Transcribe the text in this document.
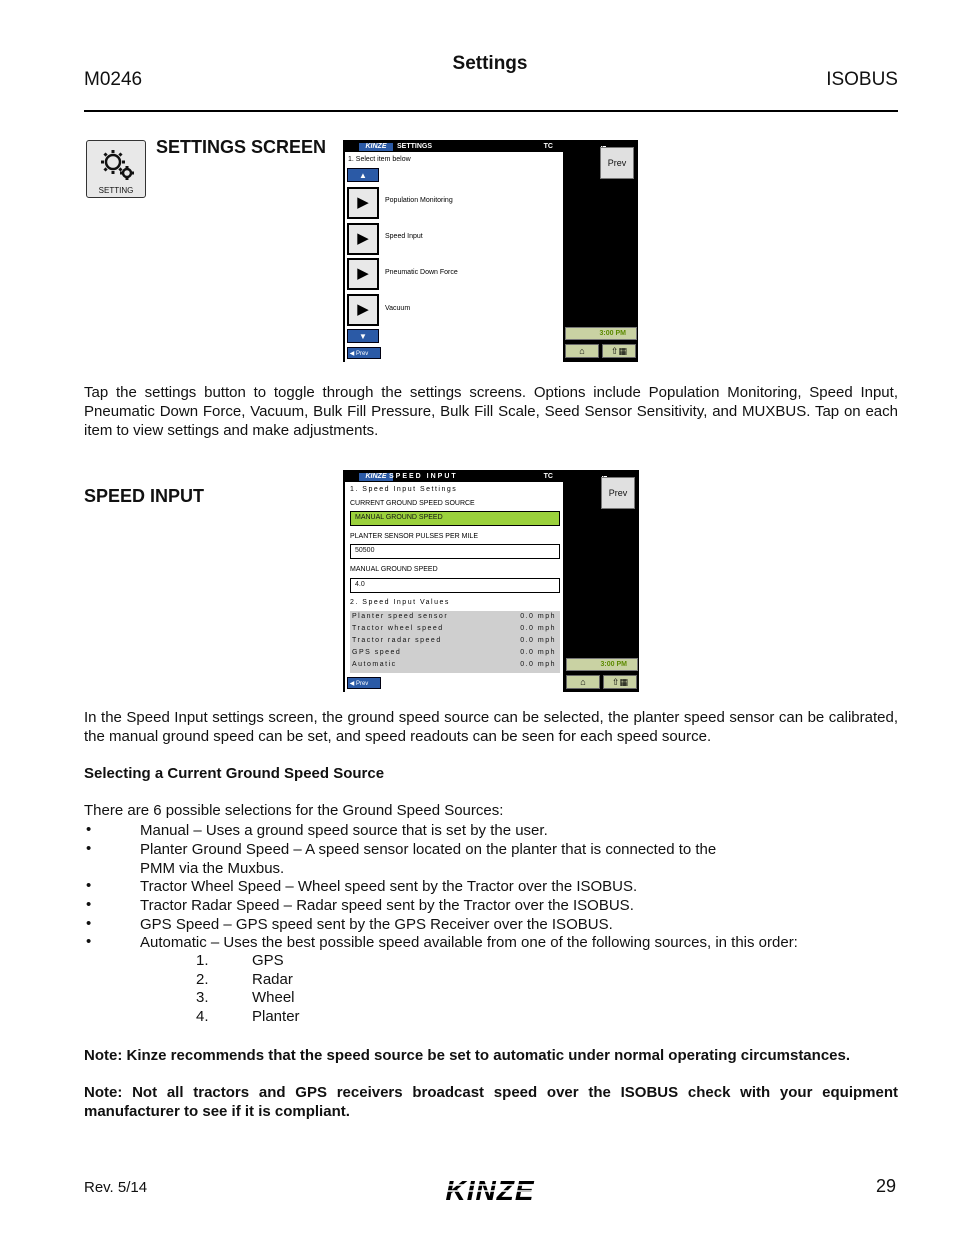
M0246
Settings
ISOBUS
SETTING
SETTINGS SCREEN	KINZE	SETTINGS	TC
1. Select item below
▲
▶	Population Monitoring
▶	Speed Input
▶	Pneumatic Down Force
▶	Vacuum
▼
◀ Prev
Prev
3:00 PM
⌂	⇧▦
Tap the settings button to toggle through the settings screens. Options include Population Monitoring, Speed Input, Pneumatic Down Force, Vacuum, Bulk Fill Pressure, Bulk Fill Scale, Seed Sensor Sensitivity, and MUXBUS. Tap on each item to view settings and make adjustments.
SPEED INPUT
KINZE SPEED INPUT	TC
1. Speed Input Settings
CURRENT GROUND SPEED SOURCE
MANUAL GROUND SPEED
PLANTER SENSOR PULSES PER MILE
50500
MANUAL GROUND SPEED
4.0
2. Speed Input Values
Planter speed sensor	0.0 mph
Tractor wheel speed	0.0 mph
Tractor radar speed	0.0 mph
GPS speed	0.0 mph
Automatic	0.0 mph
◀ Prev
Prev
3:00 PM
⌂	⇧▦
In the Speed Input settings screen, the ground speed source can be selected, the planter speed sensor can be calibrated, the manual ground speed can be set, and speed readouts can be seen for each speed source.
Selecting a Current Ground Speed Source
There are 6 possible selections for the Ground Speed Sources:
•	Manual – Uses a ground speed source that is set by the user.
•	Planter Ground Speed – A speed sensor located on the planter that is connected to the
PMM via the Muxbus.
•	Tractor Wheel Speed – Wheel speed sent by the Tractor over the ISOBUS.
•	Tractor Radar Speed – Radar speed sent by the Tractor over the ISOBUS.
•	GPS Speed – GPS speed sent by the GPS Receiver over the ISOBUS.
•	Automatic – Uses the best possible speed available from one of the following sources, in this order:
1.	GPS
2.	Radar
3.	Wheel
4.	Planter
Note: Kinze recommends that the speed source be set to automatic under normal operating circumstances.
Note: Not all tractors and GPS receivers broadcast speed over the ISOBUS check with your equipment manufacturer to see if it is compliant.
Rev. 5/14	KINZE	29
